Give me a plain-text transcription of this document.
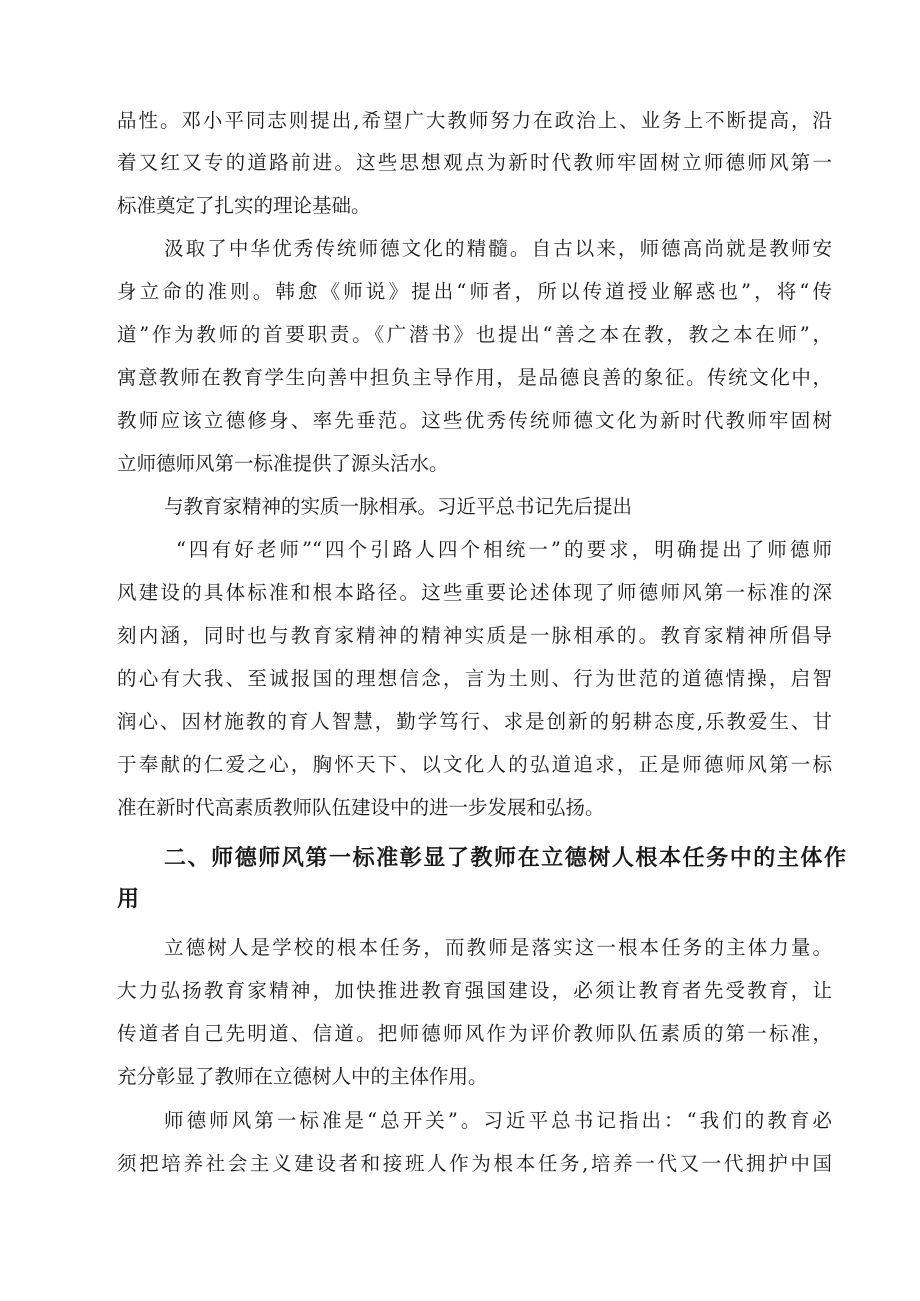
品性。邓小平同志则提出,希望广大教师努力在政治上、业务上不断提高，沿
着又红又专的道路前进。这些思想观点为新时代教师牢固树立师德师风第一
标准奠定了扎实的理论基础。
汲取了中华优秀传统师德文化的精髓。自古以来，师德高尚就是教师安
身立命的准则。韩愈《师说》提出“师者，所以传道授业解惑也”，将“传
道”作为教师的首要职责。《广潜书》也提出“善之本在教，教之本在师”，
寓意教师在教育学生向善中担负主导作用，是品德良善的象征。传统文化中，
教师应该立德修身、率先垂范。这些优秀传统师德文化为新时代教师牢固树
立师德师风第一标准提供了源头活水。
与教育家精神的实质一脉相承。习近平总书记先后提出
“四有好老师”“四个引路人四个相统一”的要求，明确提出了师德师
风建设的具体标准和根本路径。这些重要论述体现了师德师风第一标准的深
刻内涵，同时也与教育家精神的精神实质是一脉相承的。教育家精神所倡导
的心有大我、至诚报国的理想信念，言为土则、行为世范的道德情操，启智
润心、因材施教的育人智慧，勤学笃行、求是创新的躬耕态度,乐教爱生、甘
于奉献的仁爱之心，胸怀天下、以文化人的弘道追求，正是师德师风第一标
准在新时代高素质教师队伍建设中的进一步发展和弘扬。
二、师德师风第一标准彰显了教师在立德树人根本任务中的主体作
用
立德树人是学校的根本任务，而教师是落实这一根本任务的主体力量。
大力弘扬教育家精神，加快推进教育强国建设，必须让教育者先受教育，让
传道者自己先明道、信道。把师德师风作为评价教师队伍素质的第一标准，
充分彰显了教师在立德树人中的主体作用。
师德师风第一标准是“总开关”。习近平总书记指出：“我们的教育必
须把培养社会主义建设者和接班人作为根本任务,培养一代又一代拥护中国
